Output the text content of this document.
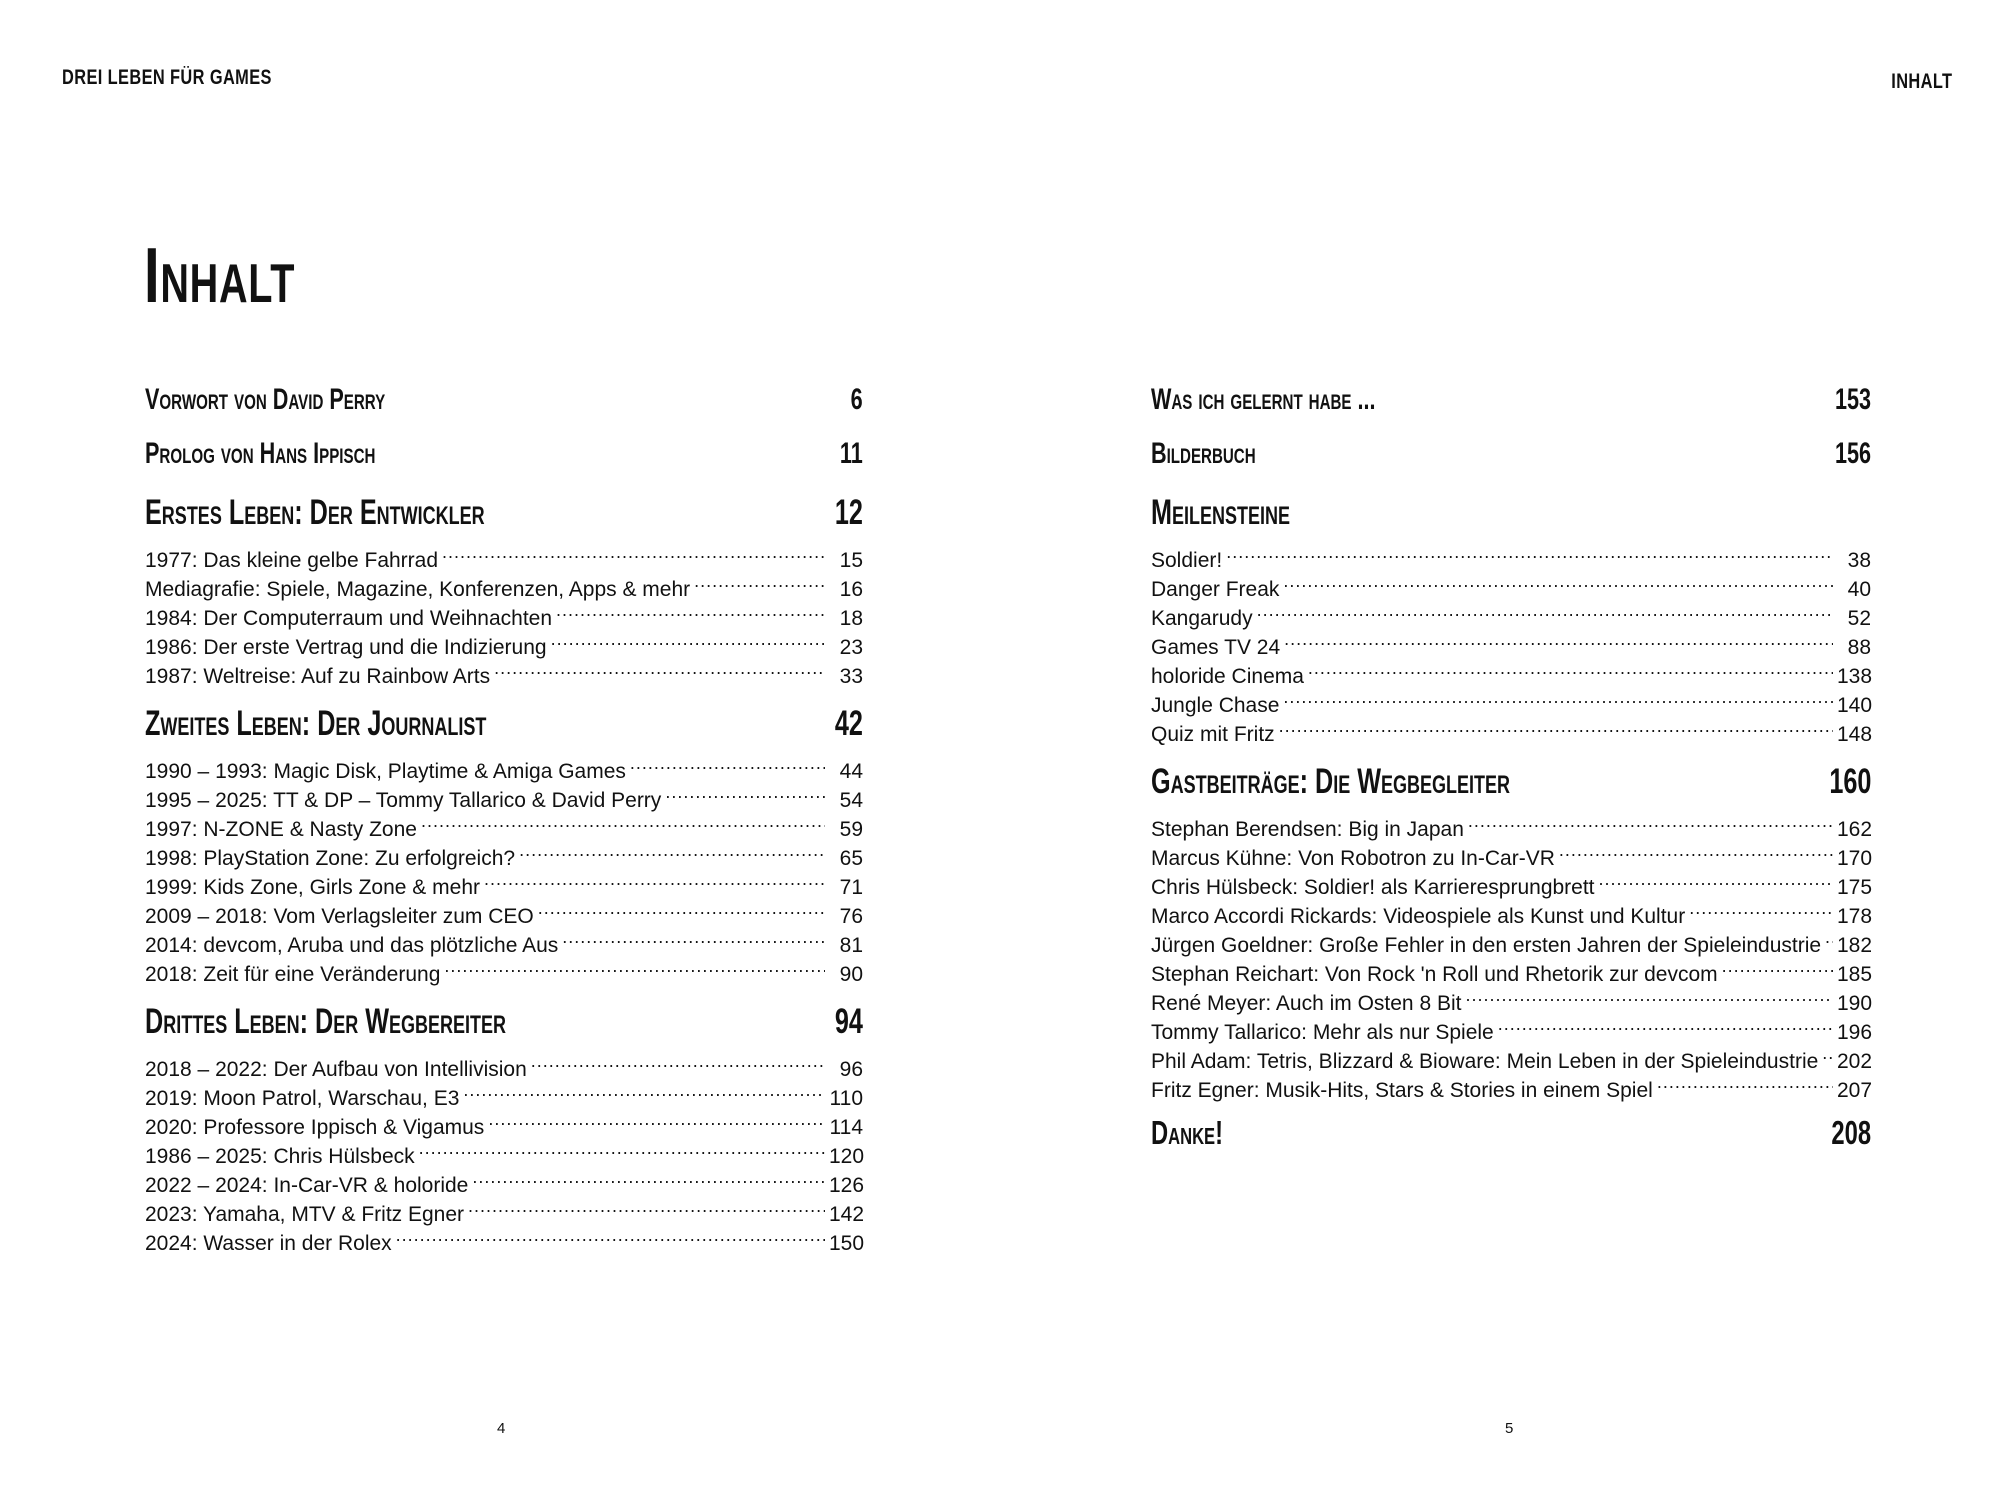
DREI LEBEN FÜR GAMES	INHALT
Inhalt
Vorwort von David Perry	6
Prolog von Hans Ippisch	11
Erstes Leben: Der Entwickler	12
1977: Das kleine gelbe Fahrrad .....	15
Mediagrafie: Spiele, Magazine, Konferenzen, Apps & mehr .....	16
1984: Der Computerraum und Weihnachten .....	18
1986: Der erste Vertrag und die Indizierung .....	23
1987: Weltreise: Auf zu Rainbow Arts .....	33
Zweites Leben: Der Journalist	42
1990 – 1993: Magic Disk, Playtime & Amiga Games .....	44
1995 – 2025: TT & DP – Tommy Tallarico & David Perry .....	54
1997: N-ZONE & Nasty Zone .....	59
1998: PlayStation Zone: Zu erfolgreich? .....	65
1999: Kids Zone, Girls Zone & mehr .....	71
2009 – 2018: Vom Verlagsleiter zum CEO .....	76
2014: devcom, Aruba und das plötzliche Aus .....	81
2018: Zeit für eine Veränderung .....	90
Drittes Leben: Der Wegbereiter	94
2018 – 2022: Der Aufbau von Intellivision .....	96
2019: Moon Patrol, Warschau, E3 .....	110
2020: Professore Ippisch & Vigamus .....	114
1986 – 2025: Chris Hülsbeck .....	120
2022 – 2024: In-Car-VR & holoride .....	126
2023: Yamaha, MTV & Fritz Egner .....	142
2024: Wasser in der Rolex .....	150
Was ich gelernt habe ...	153
Bilderbuch	156
Meilensteine
Soldier! .....	38
Danger Freak .....	40
Kangarudy .....	52
Games TV 24 .....	88
holoride Cinema .....	138
Jungle Chase .....	140
Quiz mit Fritz .....	148
Gastbeiträge: Die Wegbegleiter	160
Stephan Berendsen: Big in Japan .....	162
Marcus Kühne: Von Robotron zu In-Car-VR .....	170
Chris Hülsbeck: Soldier! als Karrieresprungbrett .....	175
Marco Accordi Rickards: Videospiele als Kunst und Kultur .....	178
Jürgen Goeldner: Große Fehler in den ersten Jahren der Spieleindustrie ..... 182
Stephan Reichart: Von Rock 'n Roll und Rhetorik zur devcom .....	185
René Meyer: Auch im Osten 8 Bit .....	190
Tommy Tallarico: Mehr als nur Spiele .....	196
Phil Adam: Tetris, Blizzard & Bioware: Mein Leben in der Spieleindustrie ..... 202
Fritz Egner: Musik-Hits, Stars & Stories in einem Spiel .....	207
Danke!	208
4	5
